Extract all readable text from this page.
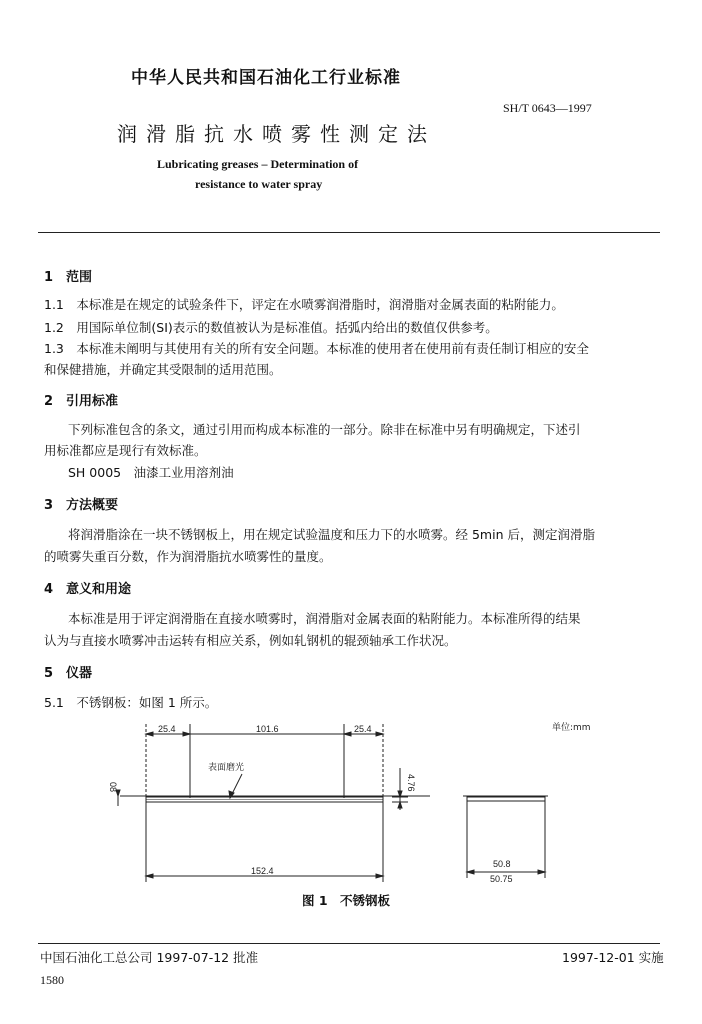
中华人民共和国石油化工行业标准
SH/T 0643—1997
润滑脂抗水喷雾性测定法
Lubricating greases – Determination of
resistance to water spray
1　范围
1.1　本标准是在规定的试验条件下，评定在水喷雾润滑脂时，润滑脂对金属表面的粘附能力。
1.2　用国际单位制(SI)表示的数值被认为是标准值。括弧内给出的数值仅供参考。
1.3　本标准未阐明与其使用有关的所有安全问题。本标准的使用者在使用前有责任制订相应的安全
和保健措施，并确定其受限制的适用范围。
2　引用标准
下列标准包含的条文，通过引用而构成本标准的一部分。除非在标准中另有明确规定，下述引
用标准都应是现行有效标准。
SH 0005　油漆工业用溶剂油
3　方法概要
将润滑脂涂在一块不锈钢板上，用在规定试验温度和压力下的水喷雾。经 5min 后，测定润滑脂
的喷雾失重百分数，作为润滑脂抗水喷雾性的量度。
4　意义和用途
本标准是用于评定润滑脂在直接水喷雾时，润滑脂对金属表面的粘附能力。本标准所得的结果
认为与直接水喷雾冲击运转有相应关系，例如轧钢机的辊颈轴承工作状况。
5　仪器
5.1　不锈钢板：如图 1 所示。
25.4	101.6	25.4
表面磨光
152.4
08	4.76
50.8
50.75
单位:mm
图 1　不锈钢板
中国石油化工总公司 1997-07-12 批准	1997-12-01 实施
1580
